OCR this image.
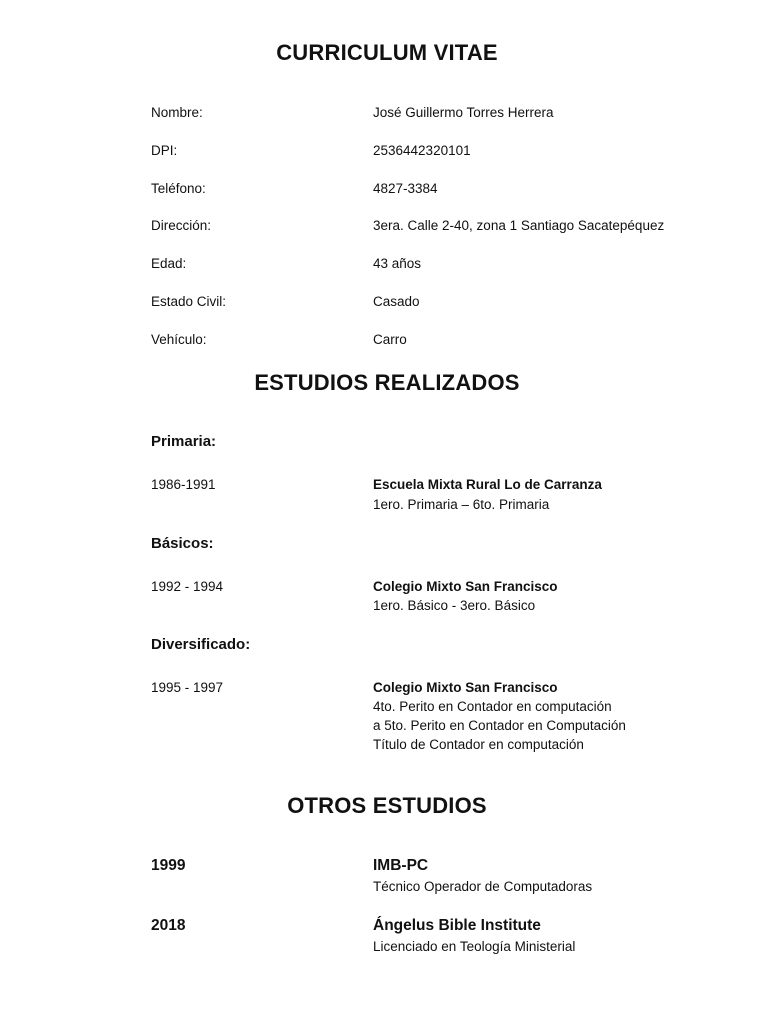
CURRICULUM VITAE
Nombre:	José Guillermo Torres Herrera
DPI:	2536442320101
Teléfono:	4827-3384
Dirección:	3era. Calle 2-40, zona 1 Santiago Sacatepéquez
Edad:	43 años
Estado Civil:	Casado
Vehículo:	Carro
ESTUDIOS REALIZADOS
Primaria:
1986-1991	Escuela Mixta Rural Lo de Carranza
1ero. Primaria – 6to. Primaria
Básicos:
1992 - 1994	Colegio Mixto San Francisco
1ero. Básico - 3ero. Básico
Diversificado:
1995 - 1997	Colegio Mixto San Francisco
4to. Perito en Contador en computación
a 5to. Perito en Contador en Computación
Título de Contador en computación
OTROS ESTUDIOS
1999	IMB-PC
Técnico Operador de Computadoras
2018	Ángelus Bible Institute
Licenciado en Teología Ministerial
